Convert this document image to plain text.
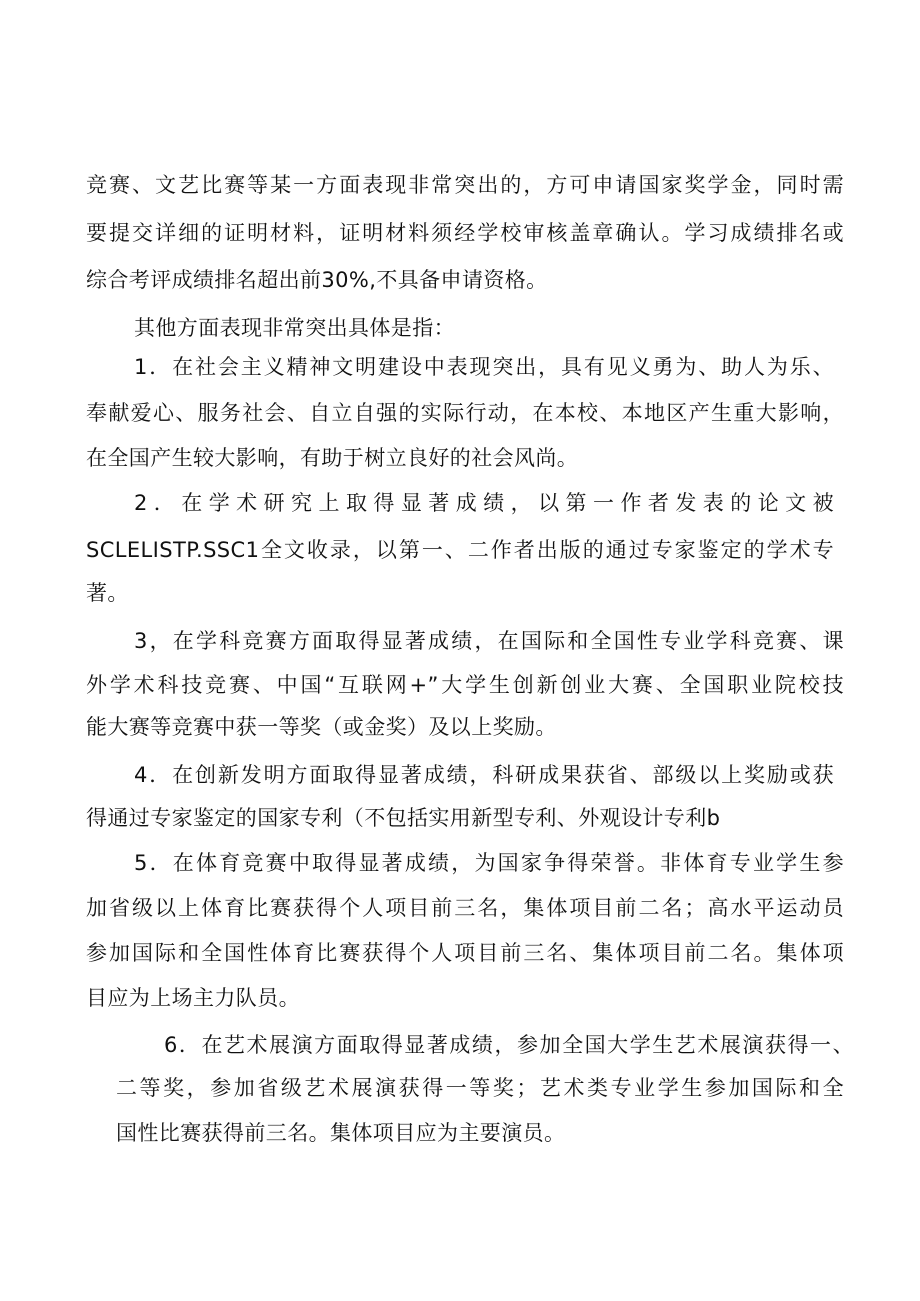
竞赛、文艺比赛等某一方面表现非常突出的，方可申请国家奖学金，同时需
要提交详细的证明材料，证明材料须经学校审核盖章确认。学习成绩排名或
综合考评成绩排名超出前30%,不具备申请资格。
其他方面表现非常突出具体是指：
1．在社会主义精神文明建设中表现突出，具有见义勇为、助人为乐、
奉献爱心、服务社会、自立自强的实际行动，在本校、本地区产生重大影响，
在全国产生较大影响，有助于树立良好的社会风尚。
2．在学术研究上取得显著成绩，以第一作者发表的论文被
SCLELISTP.SSC1全文收录，以第一、二作者出版的通过专家鉴定的学术专
著。
3，在学科竞赛方面取得显著成绩，在国际和全国性专业学科竞赛、课
外学术科技竞赛、中国“互联网+”大学生创新创业大赛、全国职业院校技
能大赛等竞赛中获一等奖（或金奖）及以上奖励。
4．在创新发明方面取得显著成绩，科研成果获省、部级以上奖励或获
得通过专家鉴定的国家专利（不包括实用新型专利、外观设计专利b
5．在体育竞赛中取得显著成绩，为国家争得荣誉。非体育专业学生参
加省级以上体育比赛获得个人项目前三名，集体项目前二名；高水平运动员
参加国际和全国性体育比赛获得个人项目前三名、集体项目前二名。集体项
目应为上场主力队员。
6．在艺术展演方面取得显著成绩，参加全国大学生艺术展演获得一、
二等奖，参加省级艺术展演获得一等奖；艺术类专业学生参加国际和全
国性比赛获得前三名。集体项目应为主要演员。
